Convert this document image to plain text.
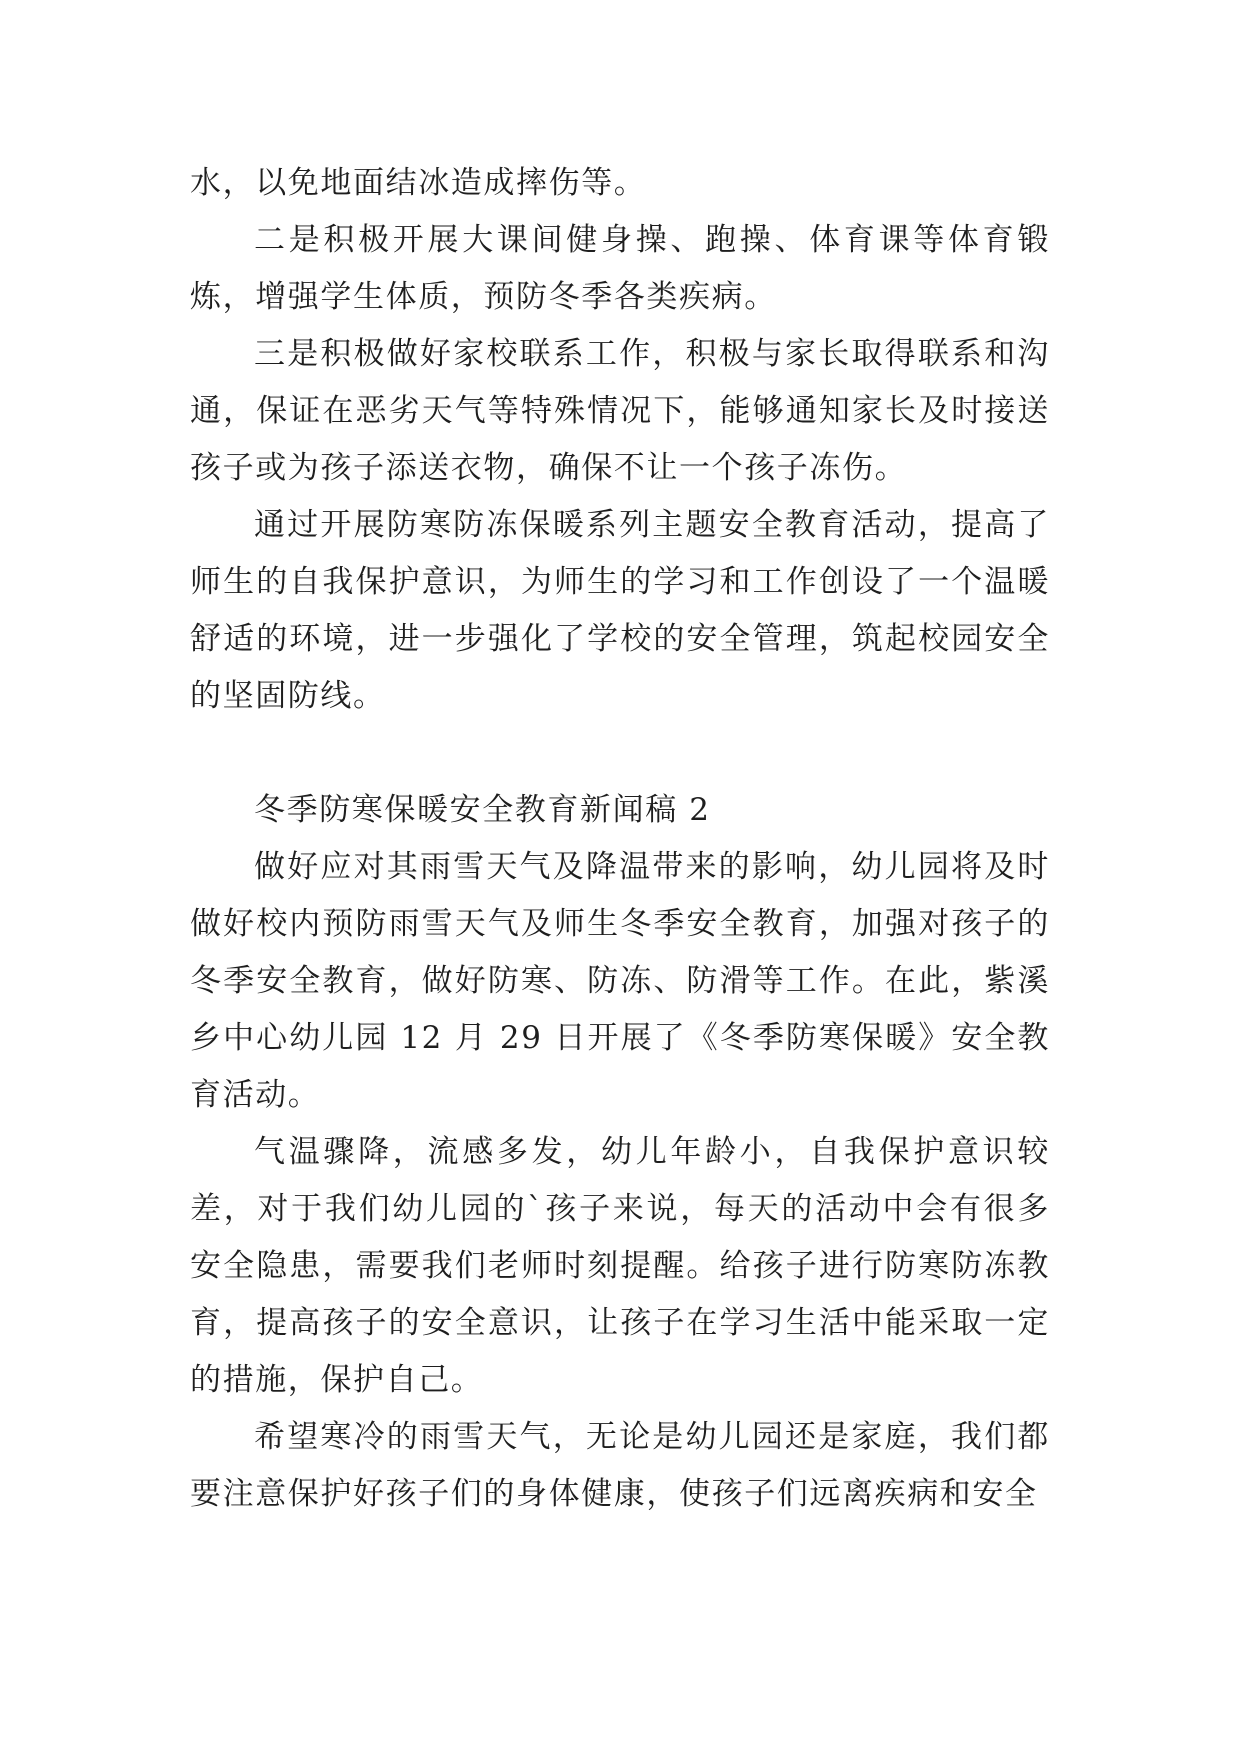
水，以免地面结冰造成摔伤等。

二是积极开展大课间健身操、跑操、体育课等体育锻炼，增强学生体质，预防冬季各类疾病。

三是积极做好家校联系工作，积极与家长取得联系和沟通，保证在恶劣天气等特殊情况下，能够通知家长及时接送孩子或为孩子添送衣物，确保不让一个孩子冻伤。

通过开展防寒防冻保暖系列主题安全教育活动，提高了师生的自我保护意识，为师生的学习和工作创设了一个温暖舒适的环境，进一步强化了学校的安全管理，筑起校园安全的坚固防线。

冬季防寒保暖安全教育新闻稿 2

做好应对其雨雪天气及降温带来的影响，幼儿园将及时做好校内预防雨雪天气及师生冬季安全教育，加强对孩子的冬季安全教育，做好防寒、防冻、防滑等工作。在此，紫溪乡中心幼儿园 12 月 29 日开展了《冬季防寒保暖》安全教育活动。

气温骤降，流感多发，幼儿年龄小，自我保护意识较差，对于我们幼儿园的`孩子来说，每天的活动中会有很多安全隐患，需要我们老师时刻提醒。给孩子进行防寒防冻教育，提高孩子的安全意识，让孩子在学习生活中能采取一定的措施，保护自己。

希望寒冷的雨雪天气，无论是幼儿园还是家庭，我们都要注意保护好孩子们的身体健康，使孩子们远离疾病和安全
